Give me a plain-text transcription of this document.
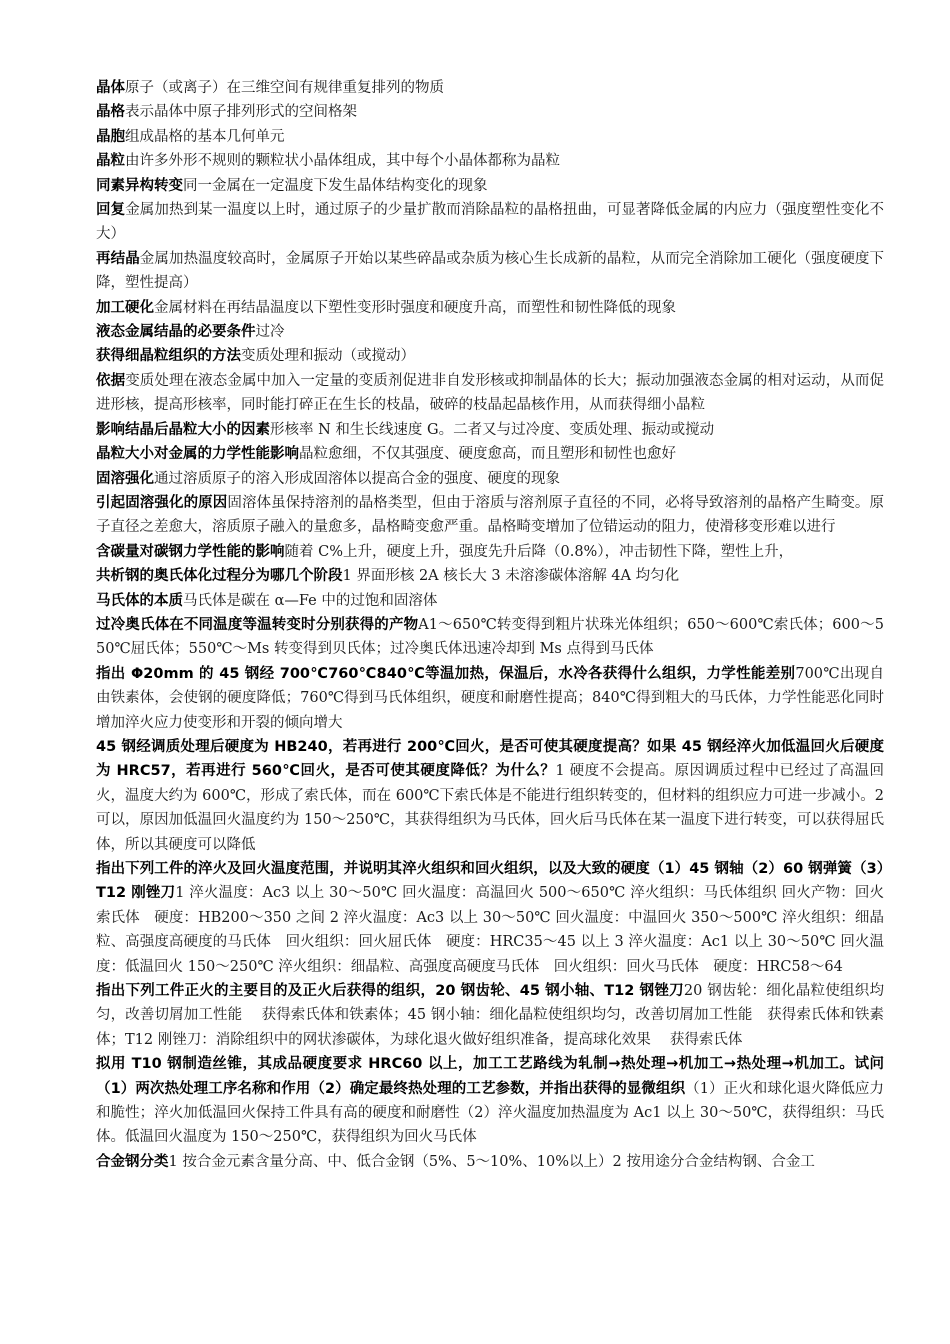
晶体原子（或离子）在三维空间有规律重复排列的物质

晶格表示晶体中原子排列形式的空间格架

晶胞组成晶格的基本几何单元

晶粒由许多外形不规则的颗粒状小晶体组成，其中每个小晶体都称为晶粒

同素异构转变同一金属在一定温度下发生晶体结构变化的现象

回复金属加热到某一温度以上时，通过原子的少量扩散而消除晶粒的晶格扭曲，可显著降低金属的内应力（强度塑性变化不大）

再结晶金属加热温度较高时，金属原子开始以某些碎晶或杂质为核心生长成新的晶粒，从而完全消除加工硬化（强度硬度下降，塑性提高）

加工硬化金属材料在再结晶温度以下塑性变形时强度和硬度升高，而塑性和韧性降低的现象

液态金属结晶的必要条件过冷

获得细晶粒组织的方法变质处理和振动（或搅动）

依据变质处理在液态金属中加入一定量的变质剂促进非自发形核或抑制晶体的长大；振动加强液态金属的相对运动，从而促进形核，提高形核率，同时能打碎正在生长的枝晶，破碎的枝晶起晶核作用，从而获得细小晶粒

影响结晶后晶粒大小的因素形核率 N 和生长线速度 G。二者又与过冷度、变质处理、振动或搅动

晶粒大小对金属的力学性能影响晶粒愈细，不仅其强度、硬度愈高，而且塑形和韧性也愈好

固溶强化通过溶质原子的溶入形成固溶体以提高合金的强度、硬度的现象

引起固溶强化的原因固溶体虽保持溶剂的晶格类型，但由于溶质与溶剂原子直径的不同，必将导致溶剂的晶格产生畸变。原子直径之差愈大，溶质原子融入的量愈多，晶格畸变愈严重。晶格畸变增加了位错运动的阻力，使滑移变形难以进行

含碳量对碳钢力学性能的影响随着 C%上升，硬度上升，强度先升后降（0.8%），冲击韧性下降，塑性上升，

共析钢的奥氏体化过程分为哪几个阶段1 界面形核 2A 核长大 3 未溶渗碳体溶解 4A 均匀化

马氏体的本质马氏体是碳在 α—Fe 中的过饱和固溶体

过冷奥氏体在不同温度等温转变时分别获得的产物A1～650℃转变得到粗片状珠光体组织；650～600℃索氏体；600～550℃屈氏体；550℃～Ms 转变得到贝氏体；过冷奥氏体迅速冷却到 Ms 点得到马氏体

指出 Φ20mm 的 45 钢经 700℃760℃840℃等温加热，保温后，水冷各获得什么组织，力学性能差别700℃出现自由铁素体，会使钢的硬度降低；760℃得到马氏体组织，硬度和耐磨性提高；840℃得到粗大的马氏体，力学性能恶化同时增加淬火应力使变形和开裂的倾向增大

45 钢经调质处理后硬度为 HB240，若再进行 200℃回火，是否可使其硬度提高？如果 45 钢经淬火加低温回火后硬度为 HRC57，若再进行 560℃回火，是否可使其硬度降低？为什么？1 硬度不会提高。原因调质过程中已经过了高温回火，温度大约为 600℃，形成了索氏体，而在 600℃下索氏体是不能进行组织转变的，但材料的组织应力可进一步减小。2 可以，原因加低温回火温度约为 150～250℃，其获得组织为马氏体，回火后马氏体在某一温度下进行转变，可以获得屈氏体，所以其硬度可以降低

指出下列工件的淬火及回火温度范围，并说明其淬火组织和回火组织，以及大致的硬度（1）45 钢轴（2）60 钢弹簧（3）T12 刚锉刀1 淬火温度：Ac3 以上 30～50℃ 回火温度：高温回火 500～650℃ 淬火组织：马氏体组织 回火产物：回火索氏体　硬度：HB200～350 之间 2 淬火温度：Ac3 以上 30～50℃ 回火温度：中温回火 350～500℃ 淬火组织：细晶粒、高强度高硬度的马氏体　回火组织：回火屈氏体　硬度：HRC35～45 以上 3 淬火温度：Ac1 以上 30～50℃ 回火温度：低温回火 150～250℃ 淬火组织：细晶粒、高强度高硬度马氏体　回火组织：回火马氏体　硬度：HRC58～64

指出下列工件正火的主要目的及正火后获得的组织，20 钢齿轮、45 钢小轴、T12 钢锉刀20 钢齿轮：细化晶粒使组织均匀，改善切屑加工性能　 获得索氏体和铁素体；45 钢小轴：细化晶粒使组织均匀，改善切屑加工性能　获得索氏体和铁素体；T12 刚锉刀：消除组织中的网状渗碳体，为球化退火做好组织准备，提高球化效果　 获得索氏体

拟用 T10 钢制造丝锥，其成品硬度要求 HRC60 以上，加工工艺路线为轧制→热处理→机加工→热处理→机加工。试问（1）两次热处理工序名称和作用（2）确定最终热处理的工艺参数，并指出获得的显微组织（1）正火和球化退火降低应力和脆性；淬火加低温回火保持工件具有高的硬度和耐磨性（2）淬火温度加热温度为 Ac1 以上 30～50℃，获得组织：马氏体。低温回火温度为 150～250℃，获得组织为回火马氏体

合金钢分类1 按合金元素含量分高、中、低合金钢（5%、5～10%、10%以上）2 按用途分合金结构钢、合金工
